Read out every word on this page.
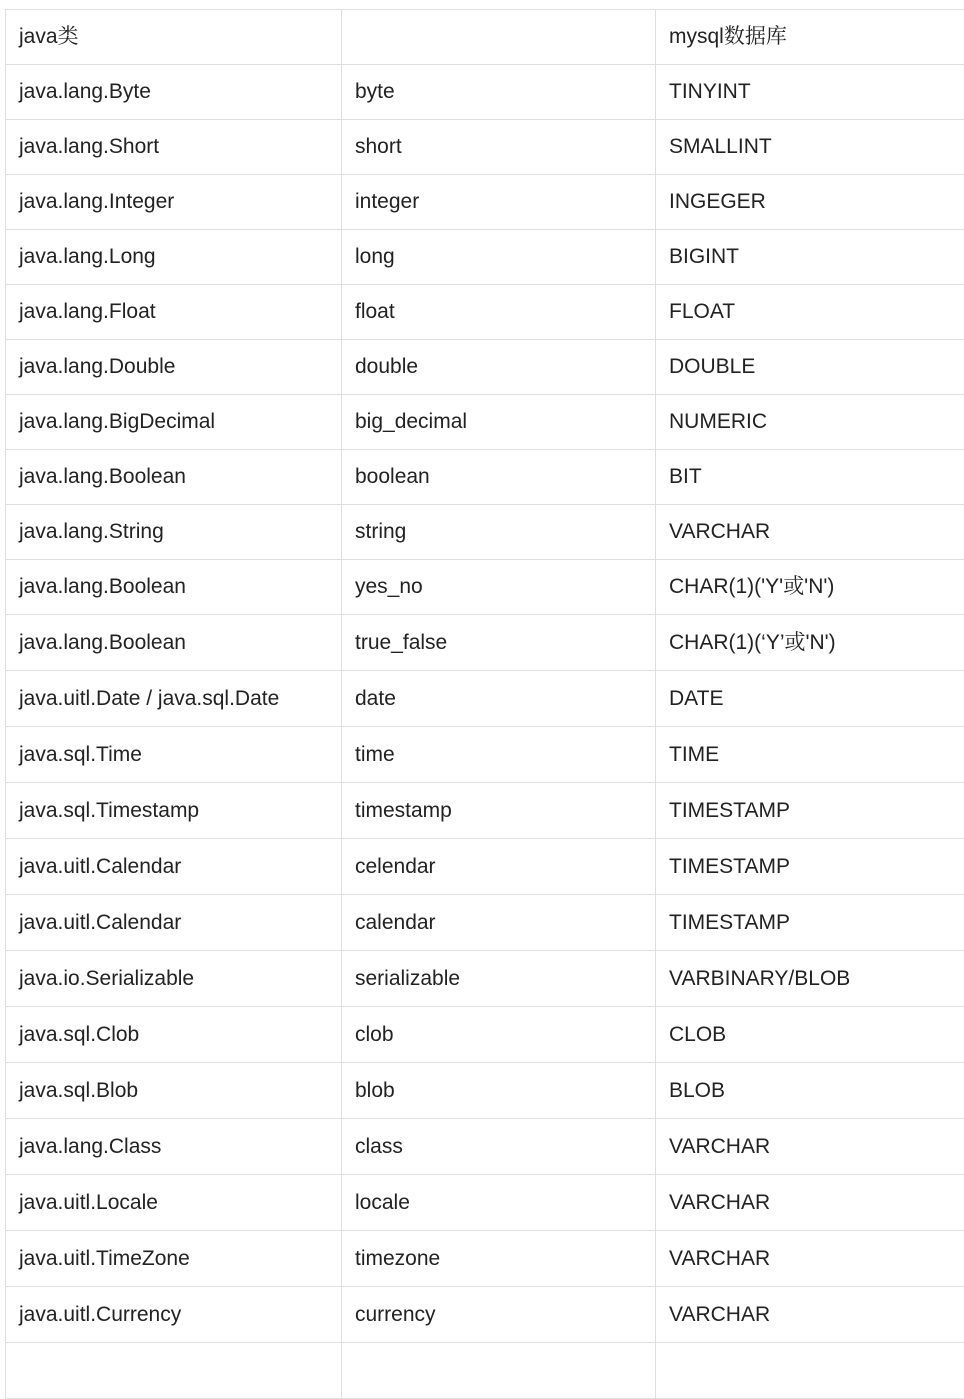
java类		mysql数据库
java.lang.Byte	byte	TINYINT
java.lang.Short	short	SMALLINT
java.lang.Integer	integer	INGEGER
java.lang.Long	long	BIGINT
java.lang.Float	float	FLOAT
java.lang.Double	double	DOUBLE
java.lang.BigDecimal	big_decimal	NUMERIC
java.lang.Boolean	boolean	BIT
java.lang.String	string	VARCHAR
java.lang.Boolean	yes_no	CHAR(1)('Y'或'N')
java.lang.Boolean	true_false	CHAR(1)(‘Y’或'N')
java.uitl.Date / java.sql.Date	date	DATE
java.sql.Time	time	TIME
java.sql.Timestamp	timestamp	TIMESTAMP
java.uitl.Calendar	celendar	TIMESTAMP
java.uitl.Calendar	calendar	TIMESTAMP
java.io.Serializable	serializable	VARBINARY/BLOB
java.sql.Clob	clob	CLOB
java.sql.Blob	blob	BLOB
java.lang.Class	class	VARCHAR
java.uitl.Locale	locale	VARCHAR
java.uitl.TimeZone	timezone	VARCHAR
java.uitl.Currency	currency	VARCHAR
